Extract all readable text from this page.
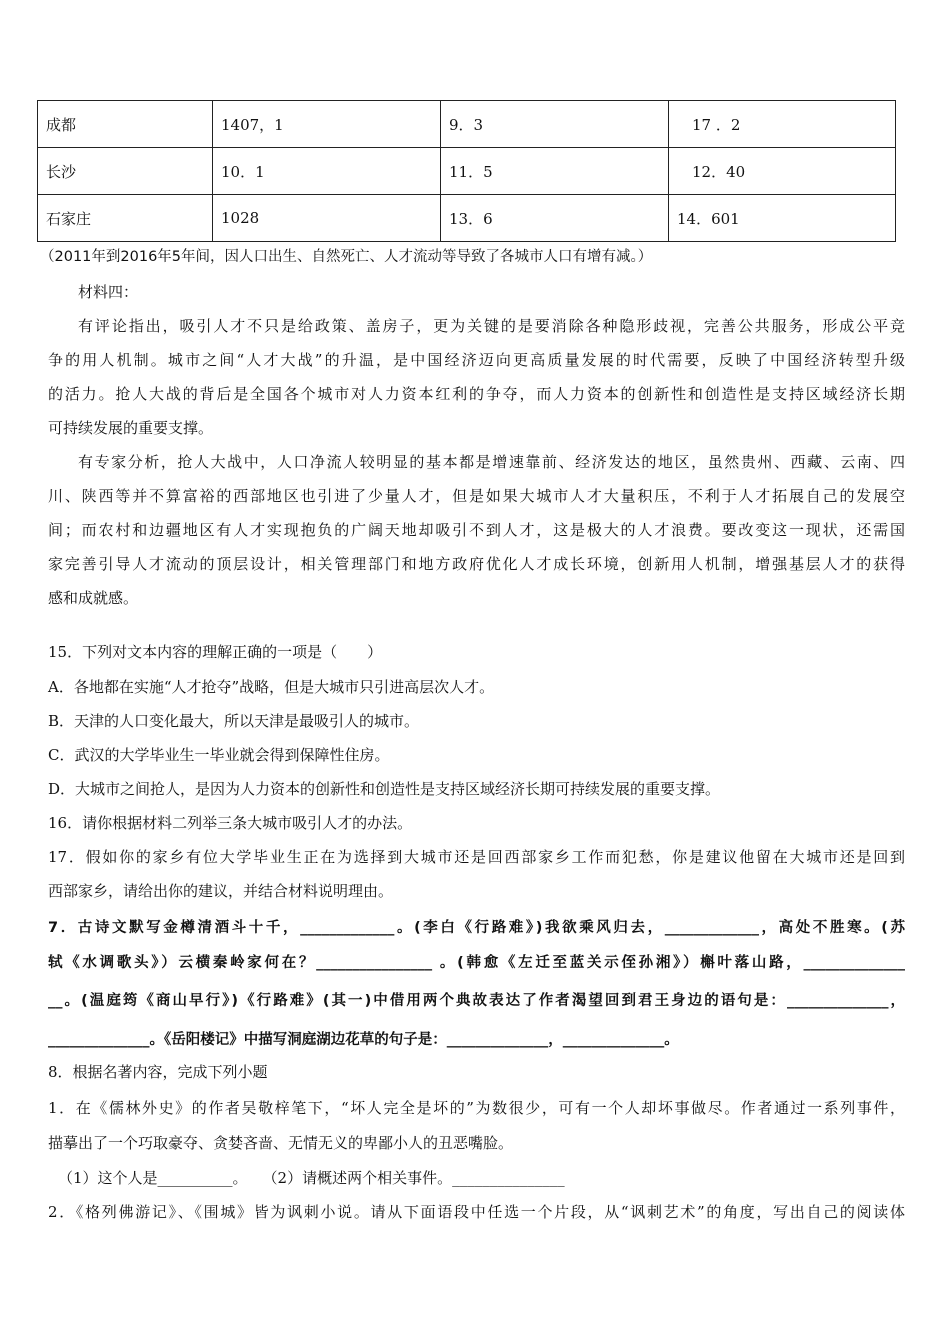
成都	1407，1	9．3	　17 ．2
长沙	10．1	11．5	　12．40
石家庄	1028	13．6	14．601
（2011年到2016年5年间，因人口出生、自然死亡、人才流动等导致了各城市人口有增有减。）
材料四：
有评论指出，吸引人才不只是给政策、盖房子，更为关键的是要消除各种隐形歧视，完善公共服务，形成公平竞
争的用人机制。城市之间“人才大战”的升温，是中国经济迈向更高质量发展的时代需要，反映了中国经济转型升级
的活力。抢人大战的背后是全国各个城市对人力资本红利的争夺，而人力资本的创新性和创造性是支持区域经济长期
可持续发展的重要支撑。
有专家分析，抢人大战中，人口净流人较明显的基本都是增速靠前、经济发达的地区，虽然贵州、西藏、云南、四
川、陕西等并不算富裕的西部地区也引进了少量人才，但是如果大城市人才大量积压，不利于人才拓展自己的发展空
间；而农村和边疆地区有人才实现抱负的广阔天地却吸引不到人才，这是极大的人才浪费。要改变这一现状，还需国
家完善引导人才流动的顶层设计，相关管理部门和地方政府优化人才成长环境，创新用人机制，增强基层人才的获得
感和成就感。
15．下列对文本内容的理解正确的一项是（　　）
A．各地都在实施“人才抢夺”战略，但是大城市只引进高层次人才。
B．天津的人口变化最大，所以天津是最吸引人的城市。
C．武汉的大学毕业生一毕业就会得到保障性住房。
D．大城市之间抢人，是因为人力资本的创新性和创造性是支持区域经济长期可持续发展的重要支撑。
16．请你根据材料二列举三条大城市吸引人才的办法。
17．假如你的家乡有位大学毕业生正在为选择到大城市还是回西部家乡工作而犯愁，你是建议他留在大城市还是回到
西部家乡，请给出你的建议，并结合材料说明理由。
7．古诗文默写金樽清酒斗十千，_____________。(李白《行路难》)我欲乘风归去，_____________，高处不胜寒。(苏
轼《水调歌头》）云横秦岭家何在？________________ 。(韩愈《左迁至蓝关示侄孙湘》）槲叶落山路，______________
__。(温庭筠《商山早行》)《行路难》(其一)中借用两个典故表达了作者渴望回到君王身边的语句是：______________，
______________。《岳阳楼记》中描写洞庭湖边花草的句子是：______________，______________。
8．根据名著内容，完成下列小题
1．在《儒林外史》的作者吴敬梓笔下，“坏人完全是坏的”为数很少，可有一个人却坏事做尽。作者通过一系列事件，
描摹出了一个巧取豪夺、贪婪吝啬、无情无义的卑鄙小人的丑恶嘴脸。
（1）这个人是__________。　　（2）请概述两个相关事件。_______________
2．《格列佛游记》、《围城》皆为讽刺小说。请从下面语段中任选一个片段，从“讽刺艺术”的角度，写出自己的阅读体
